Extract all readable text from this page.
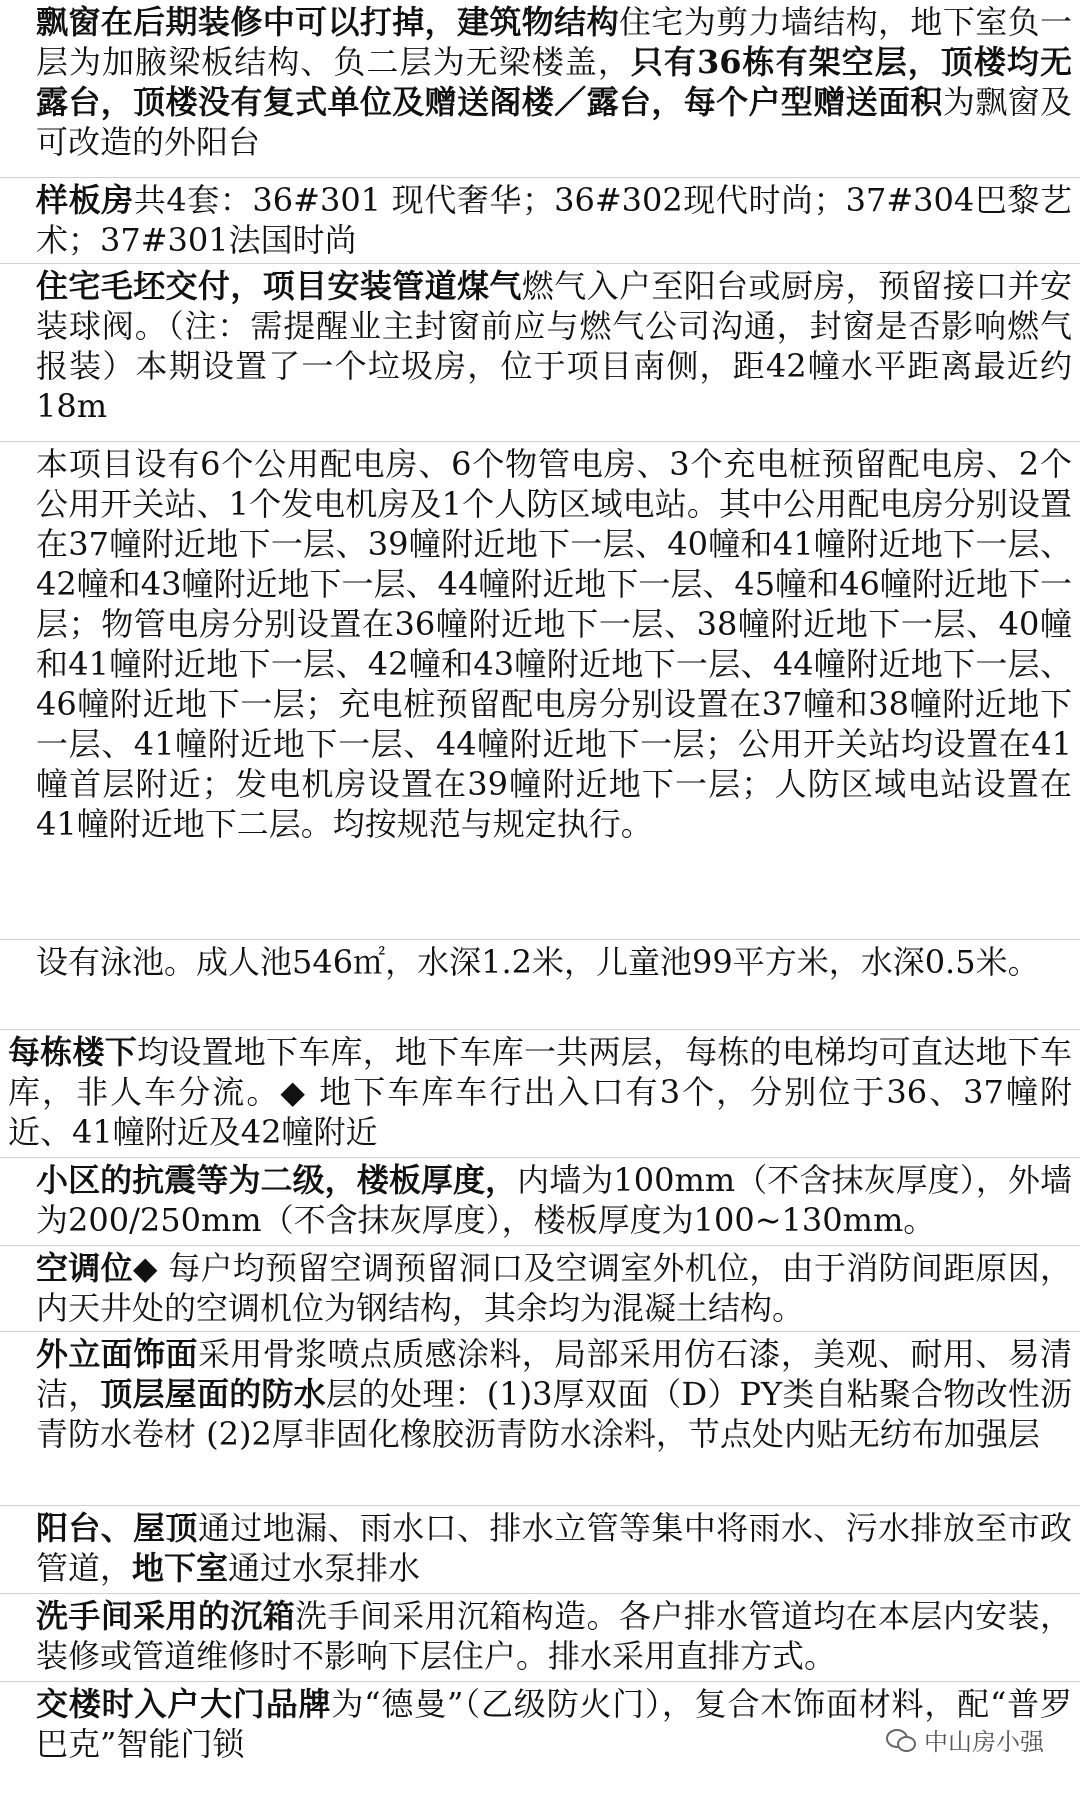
飘窗在后期装修中可以打掉，建筑物结构住宅为剪力墙结构，地下室负一层为加腋梁板结构、负二层为无梁楼盖，只有36栋有架空层，顶楼均无露台，顶楼没有复式单位及赠送阁楼／露台，每个户型赠送面积为飘窗及可改造的外阳台
样板房共4套：36#301 现代奢华；36#302现代时尚；37#304巴黎艺术；37#301法国时尚
住宅毛坯交付，项目安装管道煤气燃气入户至阳台或厨房，预留接口并安装球阀。（注：需提醒业主封窗前应与燃气公司沟通，封窗是否影响燃气报装）本期设置了一个垃圾房，位于项目南侧，距42幢水平距离最近约18m
本项目设有6个公用配电房、6个物管电房、3个充电桩预留配电房、2个公用开关站、1个发电机房及1个人防区域电站。其中公用配电房分别设置在37幢附近地下一层、39幢附近地下一层、40幢和41幢附近地下一层、42幢和43幢附近地下一层、44幢附近地下一层、45幢和46幢附近地下一层；物管电房分别设置在36幢附近地下一层、38幢附近地下一层、40幢和41幢附近地下一层、42幢和43幢附近地下一层、44幢附近地下一层、46幢附近地下一层；充电桩预留配电房分别设置在37幢和38幢附近地下一层、41幢附近地下一层、44幢附近地下一层；公用开关站均设置在41幢首层附近；发电机房设置在39幢附近地下一层；人防区域电站设置在41幢附近地下二层。均按规范与规定执行。
设有泳池。成人池546㎡，水深1.2米，儿童池99平方米，水深0.5米。
每栋楼下均设置地下车库，地下车库一共两层，每栋的电梯均可直达地下车库，非人车分流。◆ 地下车库车行出入口有3个，分别位于36、37幢附近、41幢附近及42幢附近
小区的抗震等为二级，楼板厚度，内墙为100mm（不含抹灰厚度），外墙为200/250mm（不含抹灰厚度），楼板厚度为100~130mm。
空调位◆ 每户均预留空调预留洞口及空调室外机位，由于消防间距原因，内天井处的空调机位为钢结构，其余均为混凝土结构。
外立面饰面采用骨浆喷点质感涂料，局部采用仿石漆，美观、耐用、易清洁，顶层屋面的防水层的处理：(1)3厚双面（D）PY类自粘聚合物改性沥青防水卷材 (2)2厚非固化橡胶沥青防水涂料，节点处内贴无纺布加强层
阳台、屋顶通过地漏、雨水口、排水立管等集中将雨水、污水排放至市政管道，地下室通过水泵排水
洗手间采用的沉箱洗手间采用沉箱构造。各户排水管道均在本层内安装，装修或管道维修时不影响下层住户。排水采用直排方式。
交楼时入户大门品牌为“德曼”（乙级防火门），复合木饰面材料，配“普罗巴克”智能门锁	中山房小强
